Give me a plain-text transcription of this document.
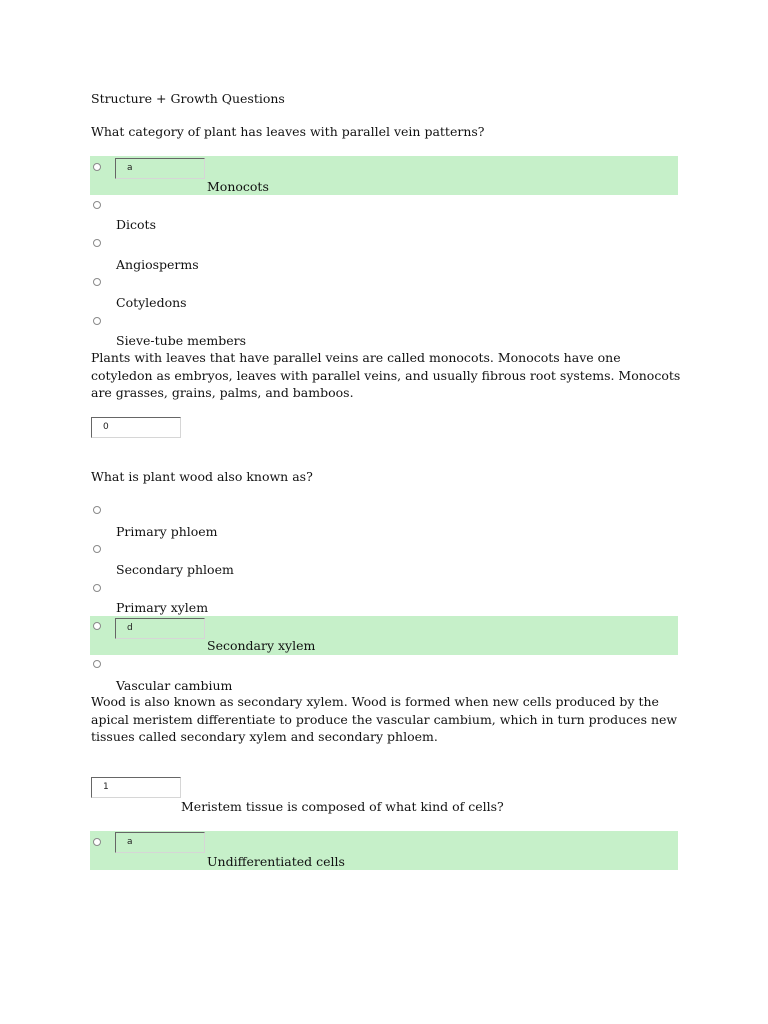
Structure + Growth Questions
What category of plant has leaves with parallel vein patterns?
a
Monocots
Dicots
Angiosperms
Cotyledons
Sieve-tube members
Plants with leaves that have parallel veins are called monocots. Monocots have one cotyledon as embryos, leaves with parallel veins, and usually fibrous root systems. Monocots are grasses, grains, palms, and bamboos.
0
What is plant wood also known as?
Primary phloem
Secondary phloem
Primary xylem
d
Secondary xylem
Vascular cambium
Wood is also known as secondary xylem. Wood is formed when new cells produced by the apical meristem differentiate to produce the vascular cambium, which in turn produces new tissues called secondary xylem and secondary phloem.
1
Meristem tissue is composed of what kind of cells?
a
Undifferentiated cells
